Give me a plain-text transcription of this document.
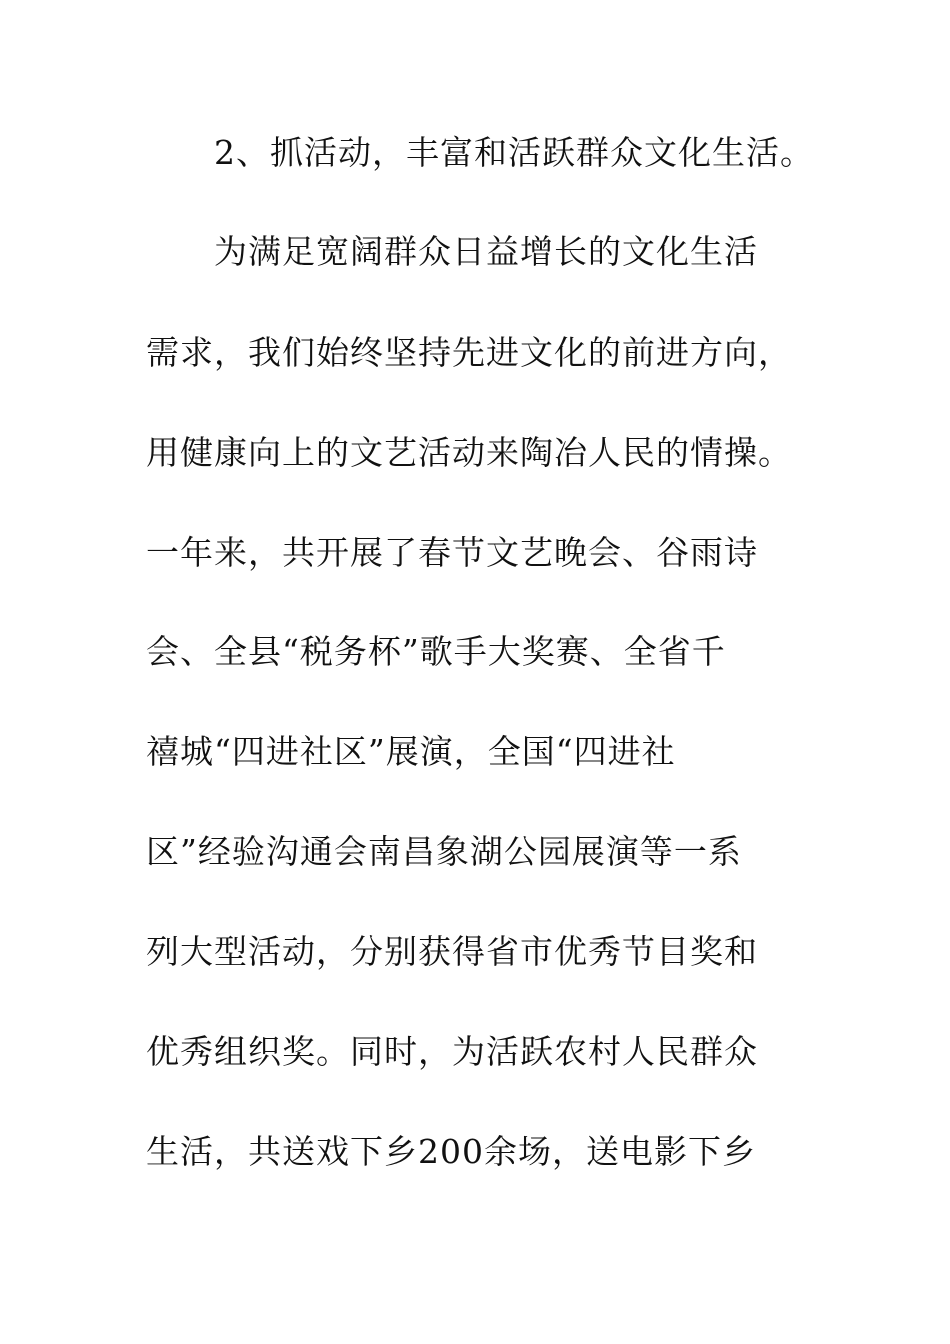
2、抓活动，丰富和活跃群众文化生活。
为满足宽阔群众日益增长的文化生活
需求，我们始终坚持先进文化的前进方向，
用健康向上的文艺活动来陶冶人民的情操。
一年来，共开展了春节文艺晚会、谷雨诗
会、全县“税务杯”歌手大奖赛、全省千
禧城“四进社区”展演，全国“四进社
区”经验沟通会南昌象湖公园展演等一系
列大型活动，分别获得省市优秀节目奖和
优秀组织奖。同时，为活跃农村人民群众
生活，共送戏下乡200余场，送电影下乡
